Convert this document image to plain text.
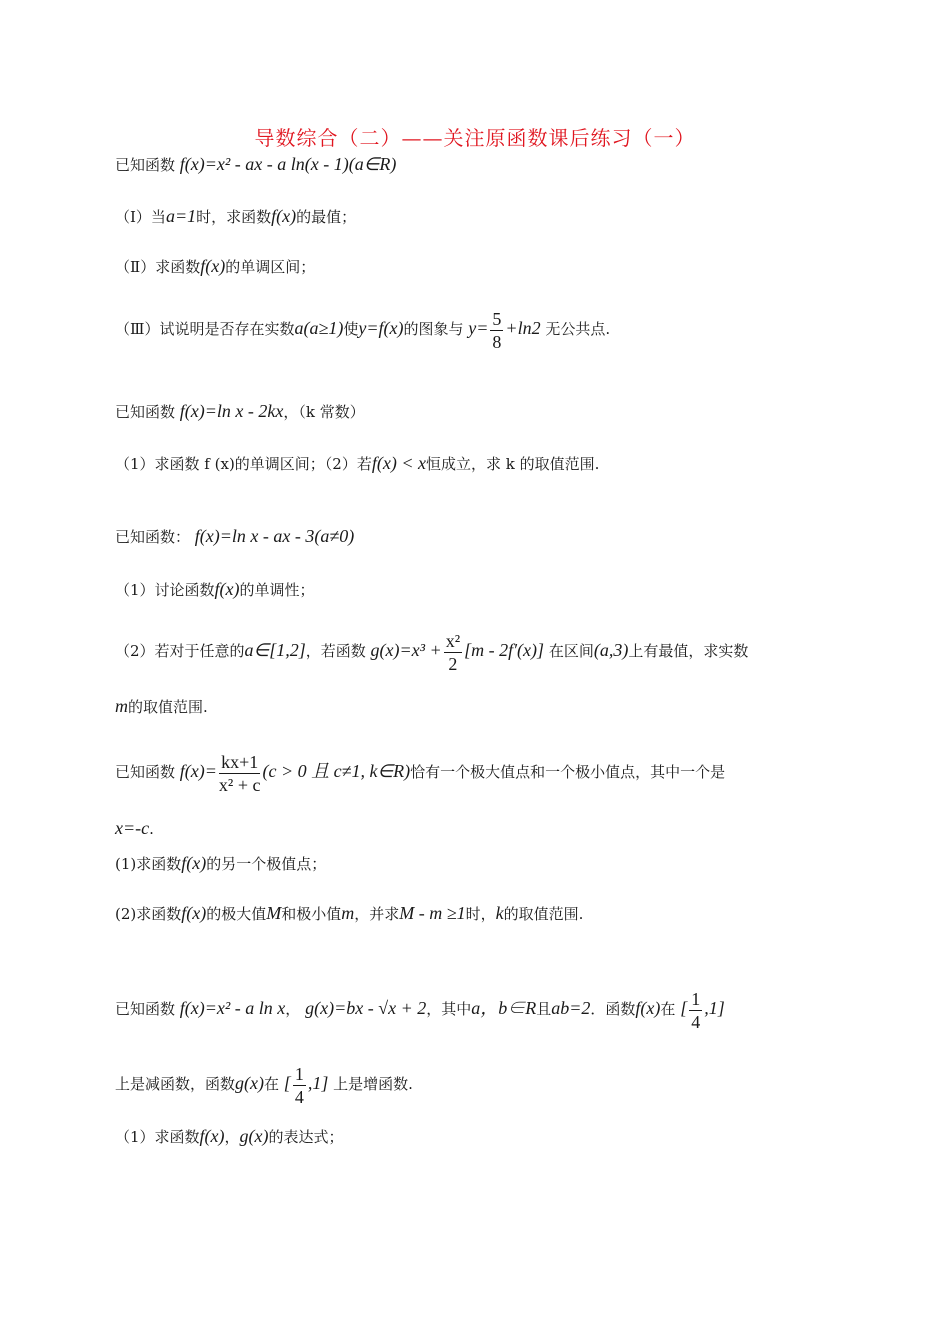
导数综合（二）——关注原函数课后练习（一）
已知函数 f(x)=x² - ax - a ln(x - 1)(a∈R)
（Ⅰ）当a=1时，求函数f(x)的最值；
（Ⅱ）求函数f(x)的单调区间；
（Ⅲ）试说明是否存在实数a(a≥1)使y=f(x)的图象与 $y= \frac{5}{8} +\ln 2$ 无公共点.
已知函数 f(x)=ln x - 2kx，（k 常数）
（1）求函数 f (x)的单调区间；（2）若f(x) < x恒成立，求 k 的取值范围.
已知函数： f(x)=ln x - ax - 3(a≠0)
（1）讨论函数f(x)的单调性；
（2）若对于任意的a∈[1,2]，若函数 $g(x)=x^3 + \frac{\text{x²}}{2} [m - 2f'(x)]$ 在区间(a,3)上有最值，求实数
m的取值范围.
已知函数 $f(x)= \frac{kx+1}{\text{x² + c}} (c > 0$ 且 c≠1, k∈R)恰有一个极大值点和一个极小值点，其中一个是
x=-c.
(1)求函数f(x)的另一个极值点；
(2)求函数f(x)的极大值M和极小值m，并求M - m ≥1时，k的取值范围.
已知函数 f(x)=x² - a ln x， g(x)=bx - √x + 2，其中a，b∈R且ab=2．函数f(x)在 [ $\frac{1}{4} ,1$]
上是减函数，函数g(x)在 [ $\frac{1}{4} ,1$] 上是增函数.
（1）求函数f(x)，g(x)的表达式；
